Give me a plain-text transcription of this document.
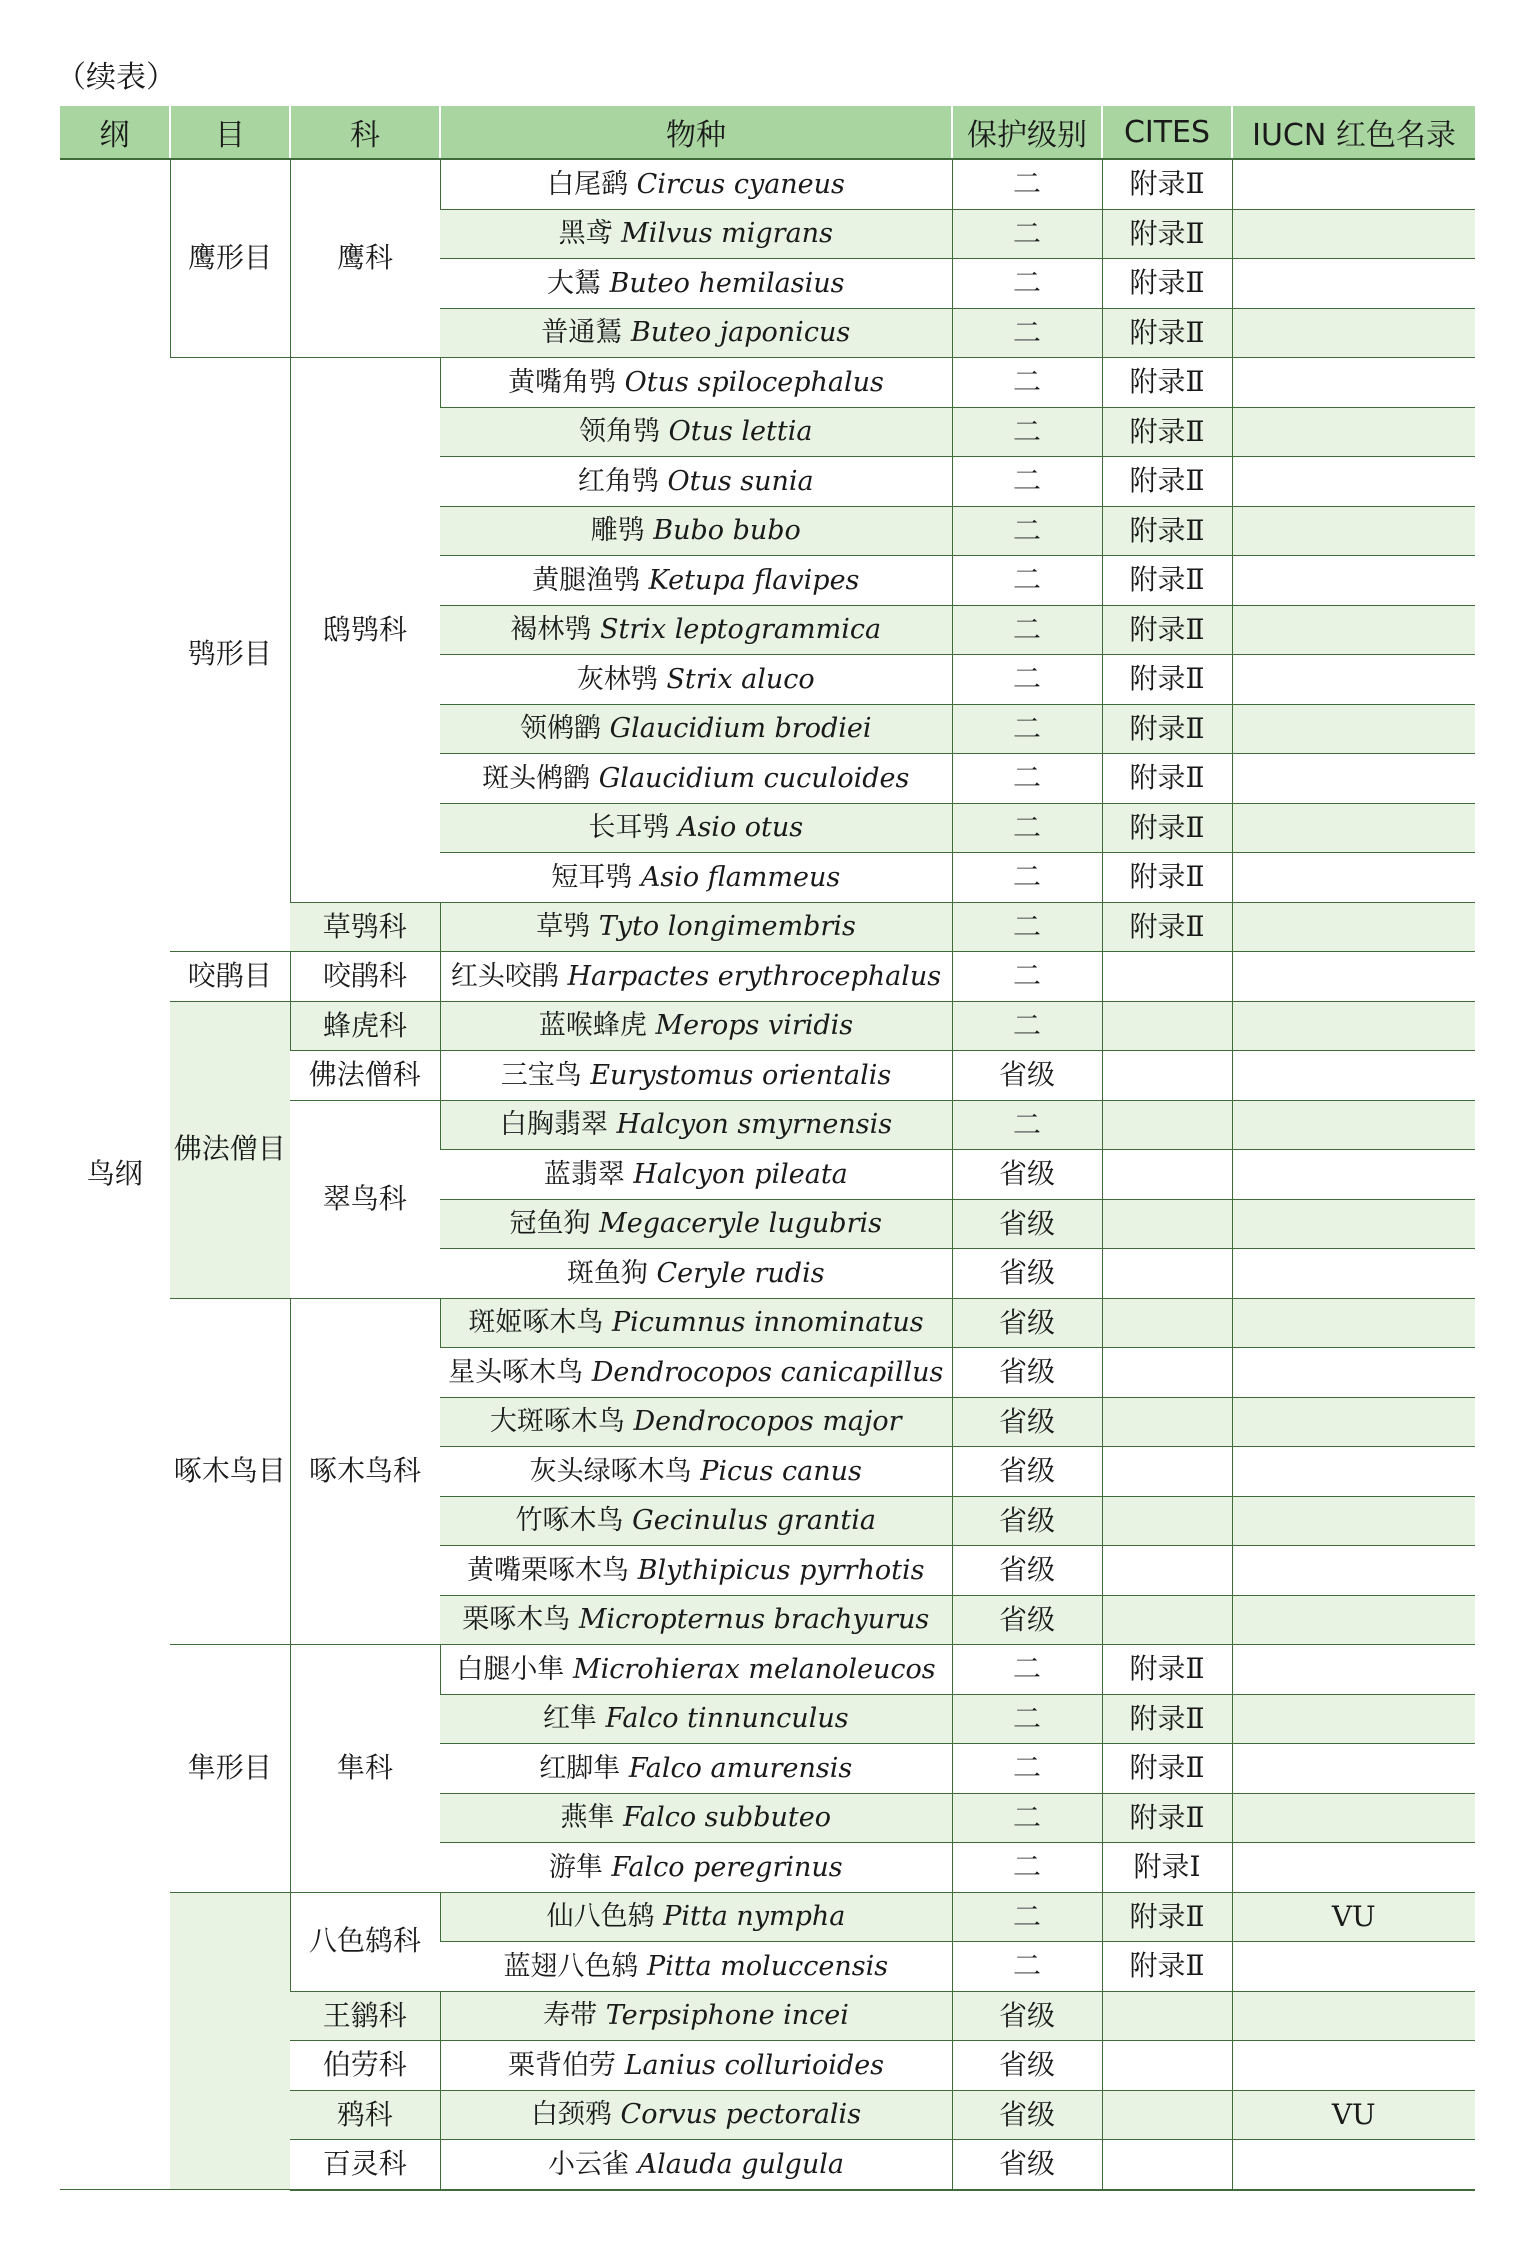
（续表）
纲	目	科	物种	保护级别	CITES	IUCN 红色名录
鸟纲	鹰形目	鹰科	白尾鹞 Circus cyaneus	二	附录Ⅱ	
			黑鸢 Milvus migrans	二	附录Ⅱ	
			大鵟 Buteo hemilasius	二	附录Ⅱ	
			普通鵟 Buteo japonicus	二	附录Ⅱ	
	鸮形目	鸱鸮科	黄嘴角鸮 Otus spilocephalus	二	附录Ⅱ	
			领角鸮 Otus lettia	二	附录Ⅱ	
			红角鸮 Otus sunia	二	附录Ⅱ	
			雕鸮 Bubo bubo	二	附录Ⅱ	
			黄腿渔鸮 Ketupa flavipes	二	附录Ⅱ	
			褐林鸮 Strix leptogrammica	二	附录Ⅱ	
			灰林鸮 Strix aluco	二	附录Ⅱ	
			领鸺鹠 Glaucidium brodiei	二	附录Ⅱ	
			斑头鸺鹠 Glaucidium cuculoides	二	附录Ⅱ	
			长耳鸮 Asio otus	二	附录Ⅱ	
			短耳鸮 Asio flammeus	二	附录Ⅱ	
		草鸮科	草鸮 Tyto longimembris	二	附录Ⅱ	
	咬鹃目	咬鹃科	红头咬鹃 Harpactes erythrocephalus	二		
	佛法僧目	蜂虎科	蓝喉蜂虎 Merops viridis	二		
		佛法僧科	三宝鸟 Eurystomus orientalis	省级		
		翠鸟科	白胸翡翠 Halcyon smyrnensis	二		
			蓝翡翠 Halcyon pileata	省级		
			冠鱼狗 Megaceryle lugubris	省级		
			斑鱼狗 Ceryle rudis	省级		
	啄木鸟目	啄木鸟科	斑姬啄木鸟 Picumnus innominatus	省级		
			星头啄木鸟 Dendrocopos canicapillus	省级		
			大斑啄木鸟 Dendrocopos major	省级		
			灰头绿啄木鸟 Picus canus	省级		
			竹啄木鸟 Gecinulus grantia	省级		
			黄嘴栗啄木鸟 Blythipicus pyrrhotis	省级		
			栗啄木鸟 Micropternus brachyurus	省级		
	隼形目	隼科	白腿小隼 Microhierax melanoleucos	二	附录Ⅱ	
			红隼 Falco tinnunculus	二	附录Ⅱ	
			红脚隼 Falco amurensis	二	附录Ⅱ	
			燕隼 Falco subbuteo	二	附录Ⅱ	
			游隼 Falco peregrinus	二	附录Ⅰ	
		八色鸫科	仙八色鸫 Pitta nympha	二	附录Ⅱ	VU
			蓝翅八色鸫 Pitta moluccensis	二	附录Ⅱ	
		王鹟科	寿带 Terpsiphone incei	省级		
		伯劳科	栗背伯劳 Lanius collurioides	省级		
		鸦科	白颈鸦 Corvus pectoralis	省级		VU
		百灵科	小云雀 Alauda gulgula	省级		
